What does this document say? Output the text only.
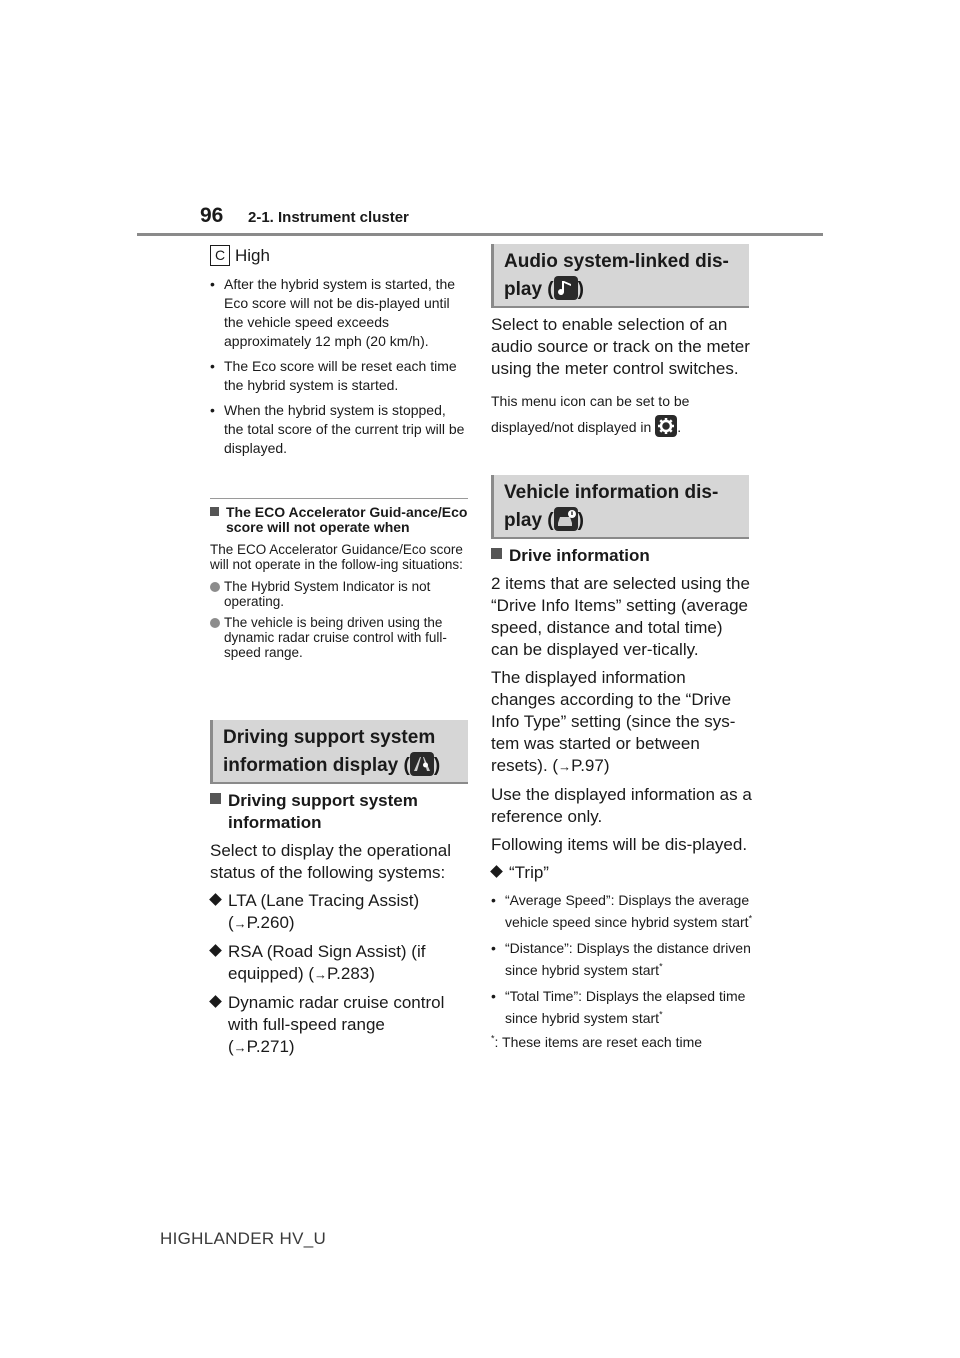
96 2-1. Instrument cluster
C High
• After the hybrid system is started, the Eco score will not be dis-played until the vehicle speed exceeds approximately 12 mph (20 km/h).
• The Eco score will be reset each time the hybrid system is started.
• When the hybrid system is stopped, the total score of the current trip will be displayed.
The ECO Accelerator Guid-ance/Eco score will not operate when
The ECO Accelerator Guidance/Eco score will not operate in the follow-ing situations:
The Hybrid System Indicator is not operating.
The vehicle is being driven using the dynamic radar cruise control with full-speed range.
Driving support system
information display ( )
Driving support system information
Select to display the operational status of the following systems:
LTA (Lane Tracing Assist)
(→P.260)
RSA (Road Sign Assist) (if equipped) (→P.283)
Dynamic radar cruise control with full-speed range
(→P.271)
Audio system-linked dis-
play ( )
Select to enable selection of an audio source or track on the meter using the meter control switches.
This menu icon can be set to be
displayed/not displayed in .
Vehicle information dis-
play ( )
Drive information
2 items that are selected using the “Drive Info Items” setting (average speed, distance and total time) can be displayed ver-tically.
The displayed information changes according to the “Drive Info Type” setting (since the sys-tem was started or between resets). (→P.97)
Use the displayed information as a reference only.
Following items will be dis-played.
“Trip”
• “Average Speed”: Displays the average vehicle speed since hybrid system start*
• “Distance”: Displays the distance driven since hybrid system start*
• “Total Time”: Displays the elapsed time since hybrid system start*
*: These items are reset each time
HIGHLANDER HV_U
